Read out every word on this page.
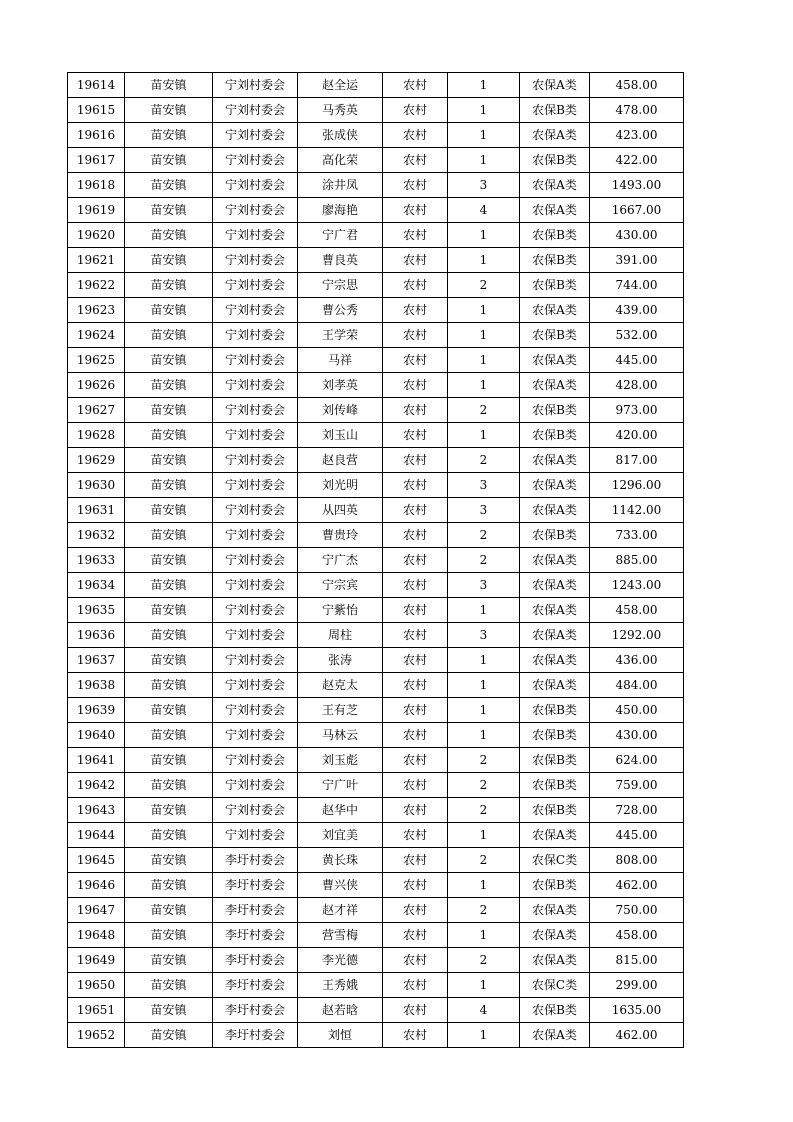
19614	苗安镇	宁刘村委会	赵全运	农村	1	农保A类	458.00
19615	苗安镇	宁刘村委会	马秀英	农村	1	农保B类	478.00
19616	苗安镇	宁刘村委会	张成侠	农村	1	农保A类	423.00
19617	苗安镇	宁刘村委会	高化荣	农村	1	农保B类	422.00
19618	苗安镇	宁刘村委会	涂井凤	农村	3	农保A类	1493.00
19619	苗安镇	宁刘村委会	廖海艳	农村	4	农保A类	1667.00
19620	苗安镇	宁刘村委会	宁广君	农村	1	农保B类	430.00
19621	苗安镇	宁刘村委会	曹良英	农村	1	农保B类	391.00
19622	苗安镇	宁刘村委会	宁宗思	农村	2	农保B类	744.00
19623	苗安镇	宁刘村委会	曹公秀	农村	1	农保A类	439.00
19624	苗安镇	宁刘村委会	王学荣	农村	1	农保B类	532.00
19625	苗安镇	宁刘村委会	马祥	农村	1	农保A类	445.00
19626	苗安镇	宁刘村委会	刘孝英	农村	1	农保A类	428.00
19627	苗安镇	宁刘村委会	刘传峰	农村	2	农保B类	973.00
19628	苗安镇	宁刘村委会	刘玉山	农村	1	农保B类	420.00
19629	苗安镇	宁刘村委会	赵良营	农村	2	农保A类	817.00
19630	苗安镇	宁刘村委会	刘光明	农村	3	农保A类	1296.00
19631	苗安镇	宁刘村委会	从四英	农村	3	农保A类	1142.00
19632	苗安镇	宁刘村委会	曹贵玲	农村	2	农保B类	733.00
19633	苗安镇	宁刘村委会	宁广杰	农村	2	农保A类	885.00
19634	苗安镇	宁刘村委会	宁宗宾	农村	3	农保A类	1243.00
19635	苗安镇	宁刘村委会	宁紫怡	农村	1	农保A类	458.00
19636	苗安镇	宁刘村委会	周柱	农村	3	农保A类	1292.00
19637	苗安镇	宁刘村委会	张涛	农村	1	农保A类	436.00
19638	苗安镇	宁刘村委会	赵克太	农村	1	农保A类	484.00
19639	苗安镇	宁刘村委会	王有芝	农村	1	农保B类	450.00
19640	苗安镇	宁刘村委会	马林云	农村	1	农保B类	430.00
19641	苗安镇	宁刘村委会	刘玉彪	农村	2	农保B类	624.00
19642	苗安镇	宁刘村委会	宁广叶	农村	2	农保B类	759.00
19643	苗安镇	宁刘村委会	赵华中	农村	2	农保B类	728.00
19644	苗安镇	宁刘村委会	刘宜美	农村	1	农保A类	445.00
19645	苗安镇	李圩村委会	黄长珠	农村	2	农保C类	808.00
19646	苗安镇	李圩村委会	曹兴侠	农村	1	农保B类	462.00
19647	苗安镇	李圩村委会	赵才祥	农村	2	农保A类	750.00
19648	苗安镇	李圩村委会	营雪梅	农村	1	农保A类	458.00
19649	苗安镇	李圩村委会	李光德	农村	2	农保A类	815.00
19650	苗安镇	李圩村委会	王秀娥	农村	1	农保C类	299.00
19651	苗安镇	李圩村委会	赵若晗	农村	4	农保B类	1635.00
19652	苗安镇	李圩村委会	刘恒	农村	1	农保A类	462.00
